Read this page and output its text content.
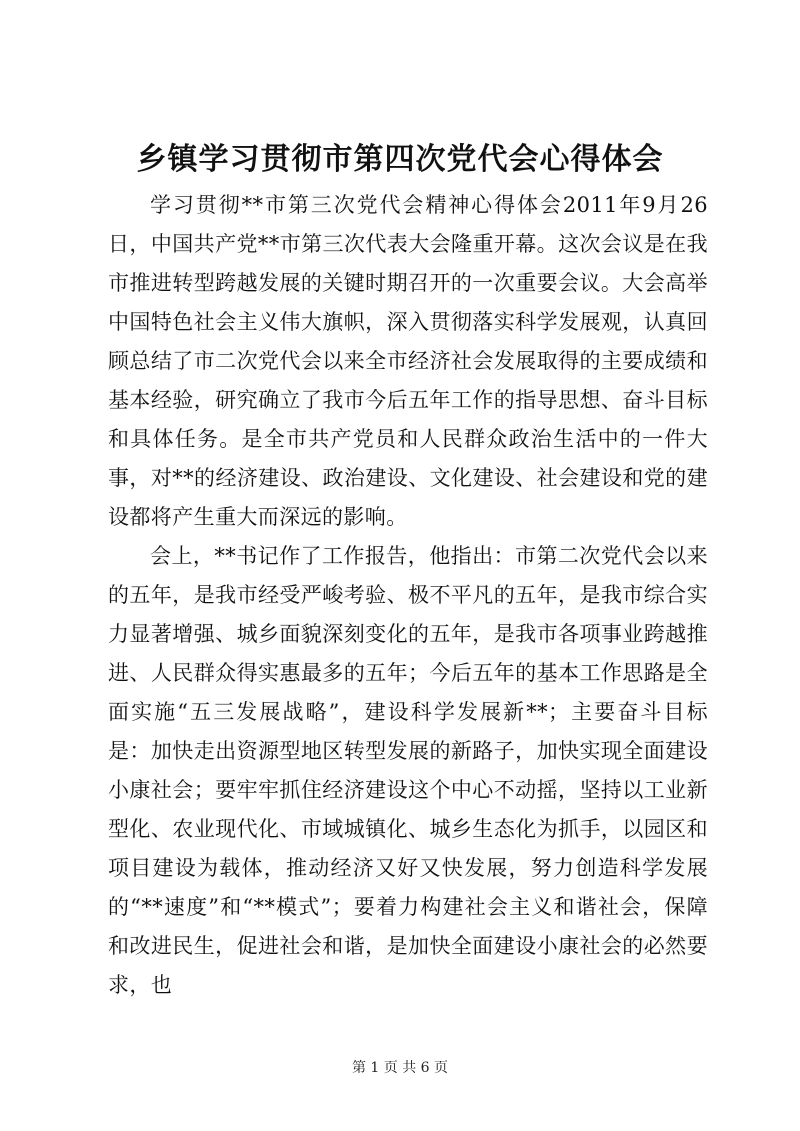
乡镇学习贯彻市第四次党代会心得体会

学习贯彻**市第三次党代会精神心得体会2011年9月26日，中国共产党**市第三次代表大会隆重开幕。这次会议是在我市推进转型跨越发展的关键时期召开的一次重要会议。大会高举中国特色社会主义伟大旗帜，深入贯彻落实科学发展观，认真回顾总结了市二次党代会以来全市经济社会发展取得的主要成绩和基本经验，研究确立了我市今后五年工作的指导思想、奋斗目标和具体任务。是全市共产党员和人民群众政治生活中的一件大事，对**的经济建设、政治建设、文化建设、社会建设和党的建设都将产生重大而深远的影响。

会上，**书记作了工作报告，他指出：市第二次党代会以来的五年，是我市经受严峻考验、极不平凡的五年，是我市综合实力显著增强、城乡面貌深刻变化的五年，是我市各项事业跨越推进、人民群众得实惠最多的五年；今后五年的基本工作思路是全面实施“五三发展战略”，建设科学发展新**；主要奋斗目标是：加快走出资源型地区转型发展的新路子，加快实现全面建设小康社会；要牢牢抓住经济建设这个中心不动摇，坚持以工业新型化、农业现代化、市域城镇化、城乡生态化为抓手，以园区和项目建设为载体，推动经济又好又快发展，努力创造科学发展的“**速度”和“**模式”；要着力构建社会主义和谐社会，保障和改进民生，促进社会和谐，是加快全面建设小康社会的必然要求，也

第 1 页 共 6 页
